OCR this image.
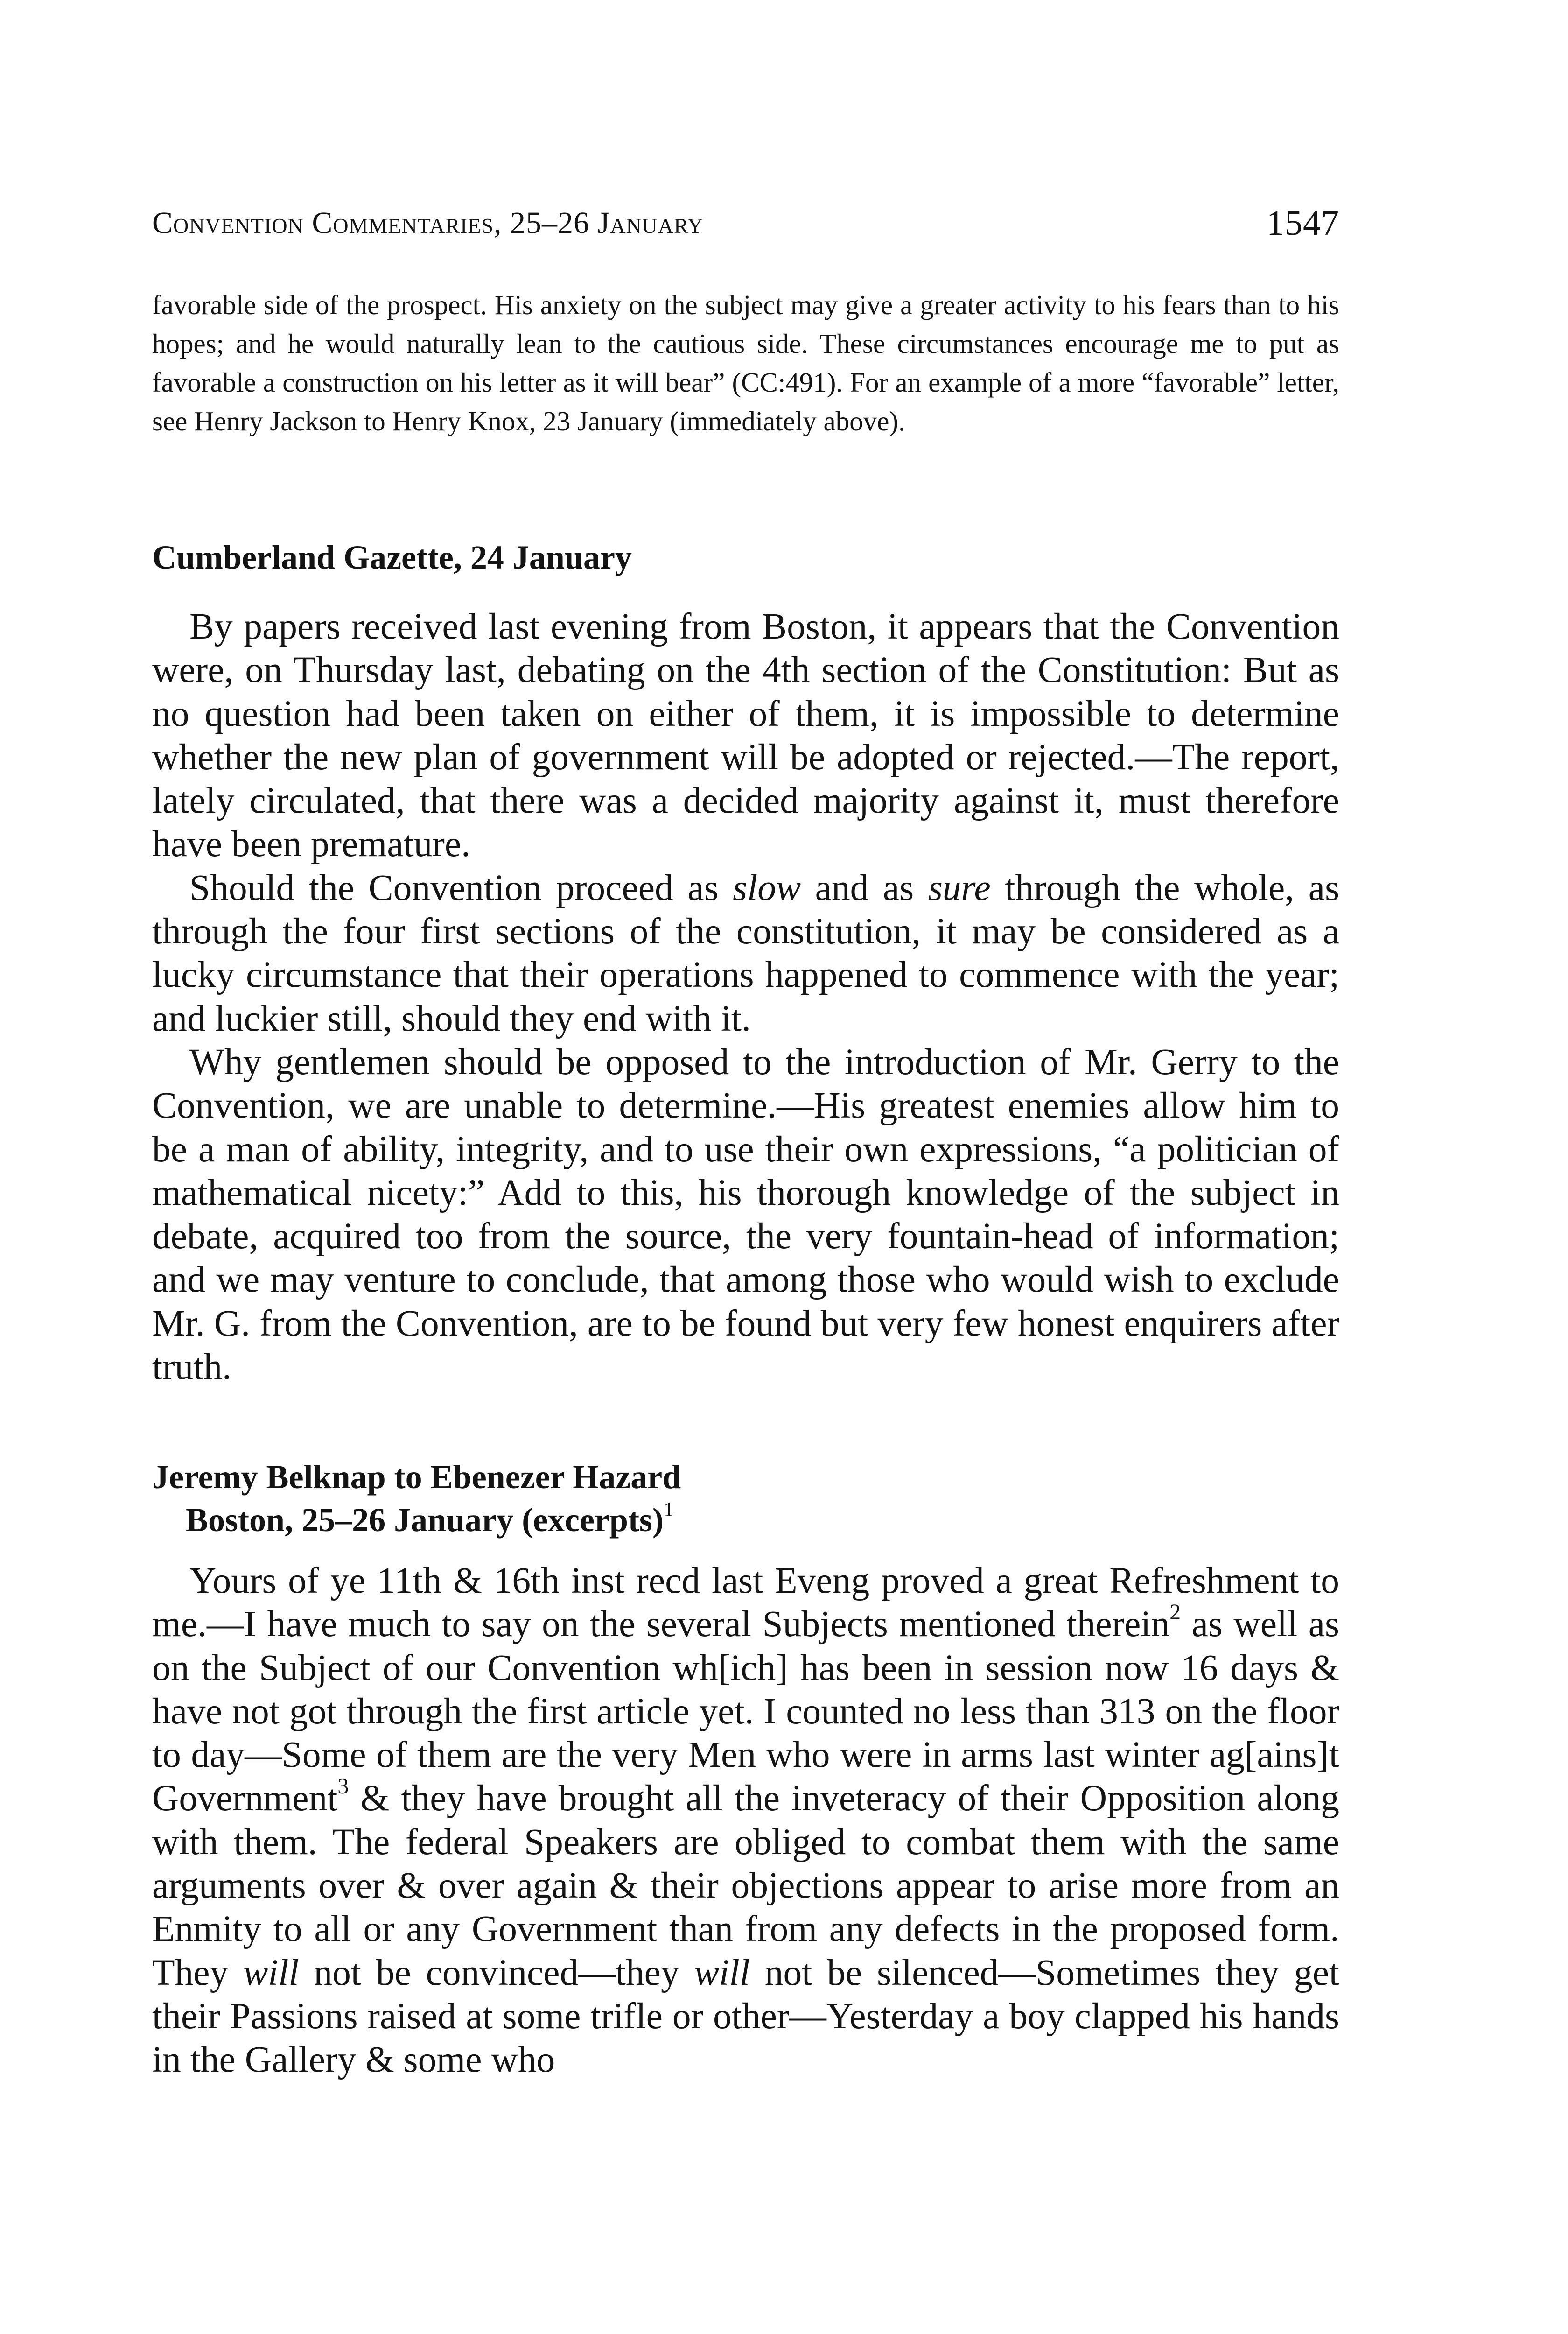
Convention Commentaries, 25–26 January	1547
favorable side of the prospect. His anxiety on the subject may give a greater activity to his fears than to his hopes; and he would naturally lean to the cautious side. These circumstances encourage me to put as favorable a construction on his letter as it will bear” (CC:491). For an example of a more “favorable” letter, see Henry Jackson to Henry Knox, 23 January (immediately above).
Cumberland Gazette, 24 January

By papers received last evening from Boston, it appears that the Convention were, on Thursday last, debating on the 4th section of the Constitution: But as no question had been taken on either of them, it is impossible to determine whether the new plan of government will be adopted or rejected.—The report, lately circulated, that there was a decided majority against it, must therefore have been premature.

Should the Convention proceed as slow and as sure through the whole, as through the four first sections of the constitution, it may be considered as a lucky circumstance that their operations happened to commence with the year; and luckier still, should they end with it.

Why gentlemen should be opposed to the introduction of Mr. Gerry to the Convention, we are unable to determine.—His greatest enemies allow him to be a man of ability, integrity, and to use their own expressions, “a politician of mathematical nicety:” Add to this, his thorough knowledge of the subject in debate, acquired too from the source, the very fountain-head of information; and we may venture to conclude, that among those who would wish to exclude Mr. G. from the Convention, are to be found but very few honest enquirers after truth.

Jeremy Belknap to Ebenezer Hazard
Boston, 25–26 January (excerpts)$^1$

Yours of ye 11th & 16th inst recd last Eveng proved a great Refreshment to me.—I have much to say on the several Subjects mentioned therein$^2$ as well as on the Subject of our Convention wh[ich] has been in session now 16 days & have not got through the first article yet. I counted no less than 313 on the floor to day—Some of them are the very Men who were in arms last winter ag[ains]t Government$^3$ & they have brought all the inveteracy of their Opposition along with them. The federal Speakers are obliged to combat them with the same arguments over & over again & their objections appear to arise more from an Enmity to all or any Government than from any defects in the proposed form. They will not be convinced—they will not be silenced—Sometimes they get their Passions raised at some trifle or other—Yesterday a boy clapped his hands in the Gallery & some who
